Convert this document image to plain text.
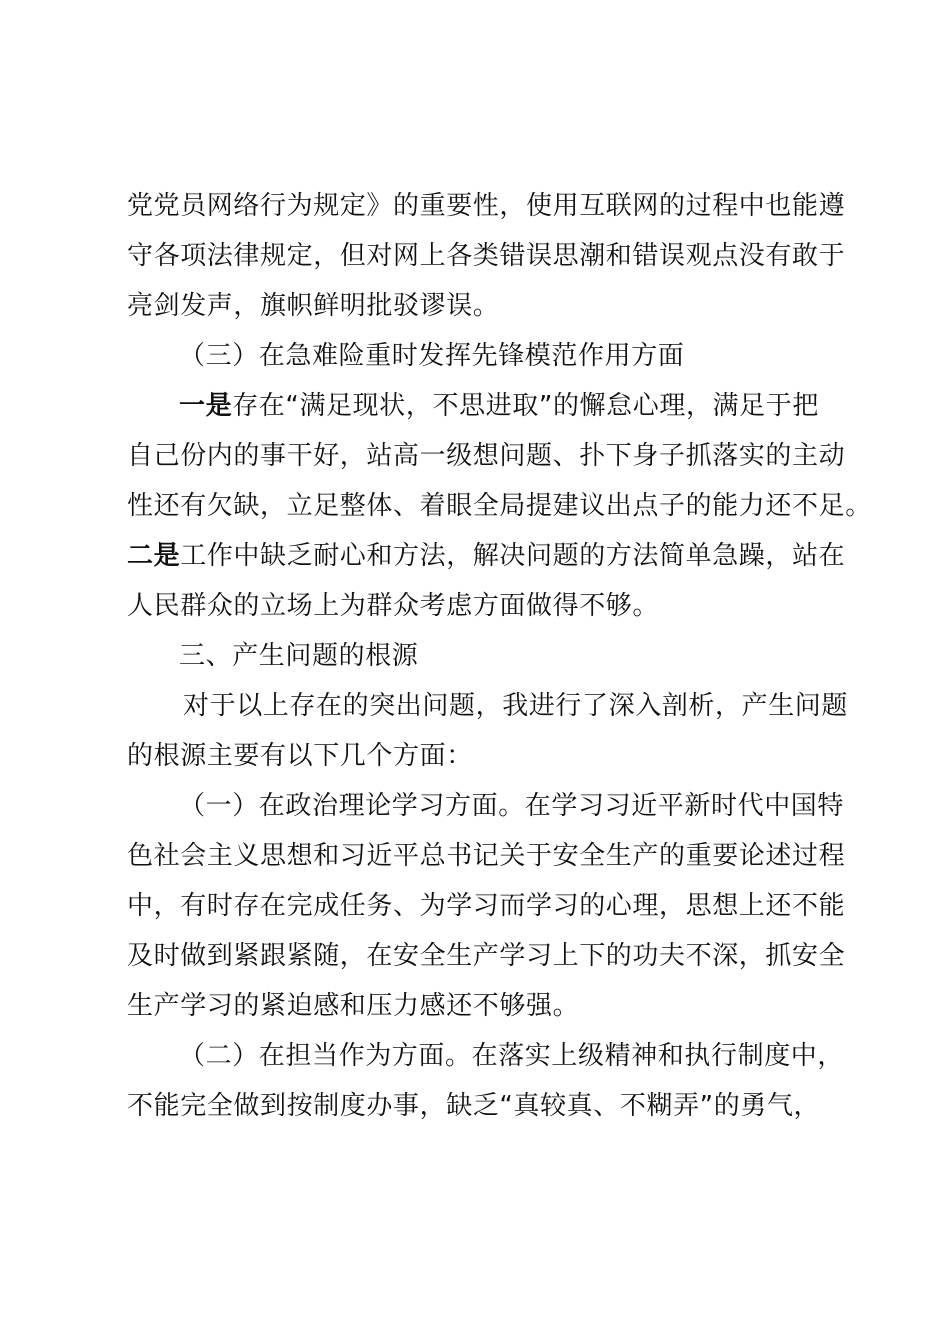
党党员网络行为规定》的重要性，使用互联网的过程中也能遵
守各项法律规定，但对网上各类错误思潮和错误观点没有敢于
亮剑发声，旗帜鲜明批驳谬误。
（三）在急难险重时发挥先锋模范作用方面
一是存在“满足现状，不思进取”的懈怠心理，满足于把
自己份内的事干好，站高一级想问题、扑下身子抓落实的主动
性还有欠缺，立足整体、着眼全局提建议出点子的能力还不足。
二是工作中缺乏耐心和方法，解决问题的方法简单急躁，站在
人民群众的立场上为群众考虑方面做得不够。
三、产生问题的根源
对于以上存在的突出问题，我进行了深入剖析，产生问题
的根源主要有以下几个方面：
（一）在政治理论学习方面。在学习习近平新时代中国特
色社会主义思想和习近平总书记关于安全生产的重要论述过程
中，有时存在完成任务、为学习而学习的心理，思想上还不能
及时做到紧跟紧随，在安全生产学习上下的功夫不深，抓安全
生产学习的紧迫感和压力感还不够强。
（二）在担当作为方面。在落实上级精神和执行制度中，
不能完全做到按制度办事，缺乏“真较真、不糊弄”的勇气，
